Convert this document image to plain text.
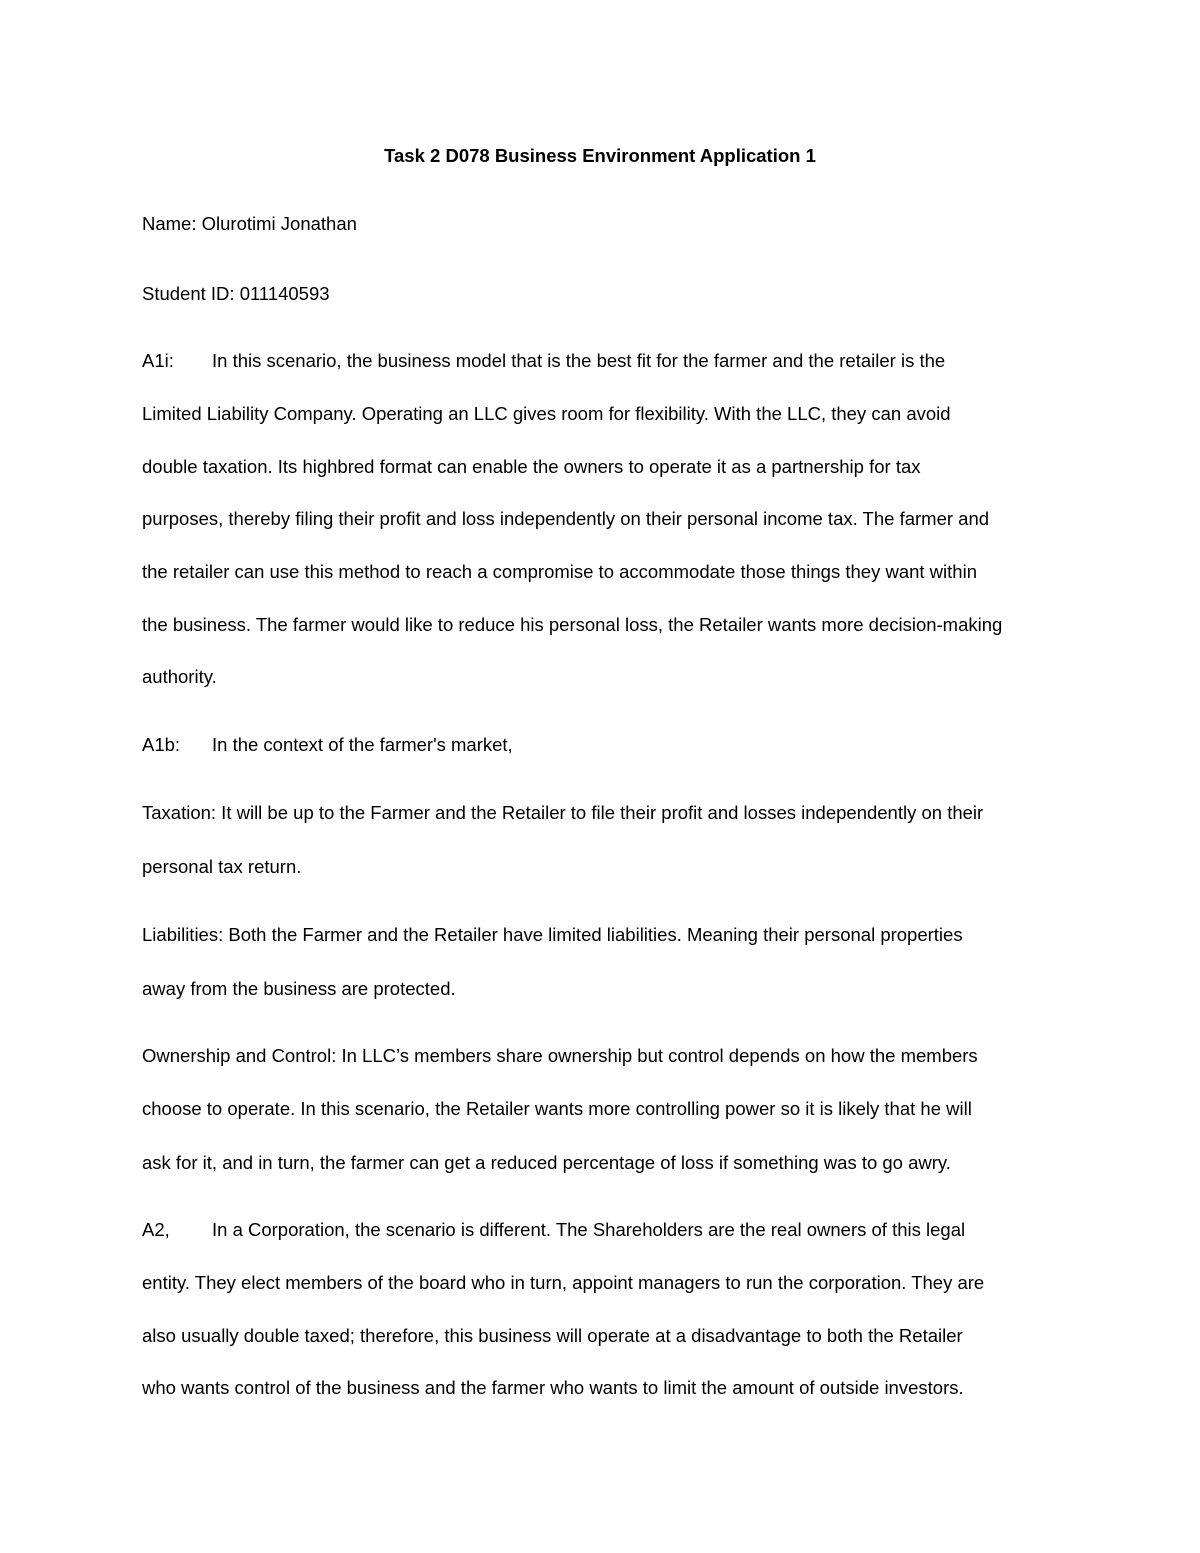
Task 2 D078 Business Environment Application 1
Name: Olurotimi Jonathan
Student ID: 011140593
A1i: In this scenario, the business model that is the best fit for the farmer and the retailer is the
Limited Liability Company. Operating an LLC gives room for flexibility. With the LLC, they can avoid
double taxation. Its highbred format can enable the owners to operate it as a partnership for tax
purposes, thereby filing their profit and loss independently on their personal income tax. The farmer and
the retailer can use this method to reach a compromise to accommodate those things they want within
the business. The farmer would like to reduce his personal loss, the Retailer wants more decision-making
authority.
A1b: In the context of the farmer's market,
Taxation: It will be up to the Farmer and the Retailer to file their profit and losses independently on their
personal tax return.
Liabilities: Both the Farmer and the Retailer have limited liabilities. Meaning their personal properties
away from the business are protected.
Ownership and Control: In LLC’s members share ownership but control depends on how the members
choose to operate. In this scenario, the Retailer wants more controlling power so it is likely that he will
ask for it, and in turn, the farmer can get a reduced percentage of loss if something was to go awry.
A2, In a Corporation, the scenario is different. The Shareholders are the real owners of this legal
entity. They elect members of the board who in turn, appoint managers to run the corporation. They are
also usually double taxed; therefore, this business will operate at a disadvantage to both the Retailer
who wants control of the business and the farmer who wants to limit the amount of outside investors.
